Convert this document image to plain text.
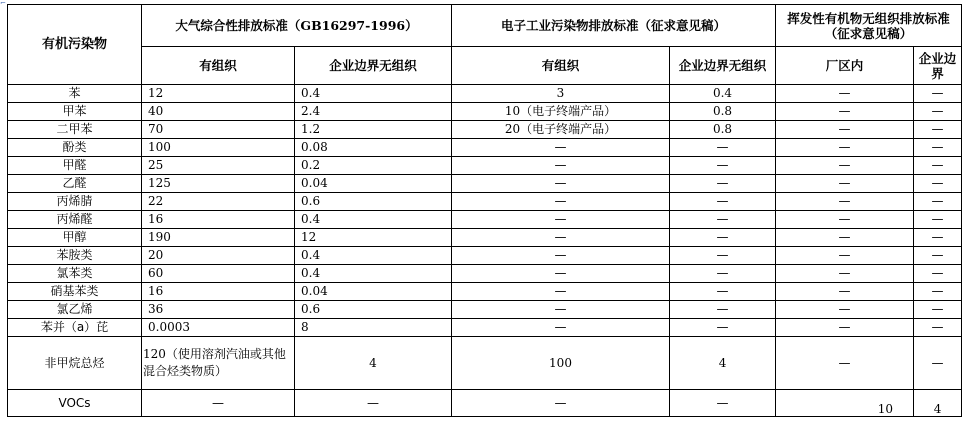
⌐
有机污染物	大气综合性排放标准（GB16297-1996）		电子工业污染物排放标准（征求意见稿）		挥发性有机物无组织排放标准（征求意见稿）	
	有组织	企业边界无组织	有组织	企业边界无组织	厂区内	企业边界
苯	12	0.4	3	0.4	—	—
甲苯	40	2.4	10（电子终端产品）	0.8	—	—
二甲苯	70	1.2	20（电子终端产品）	0.8	—	—
酚类	100	0.08	—	—	—	—
甲醛	25	0.2	—	—	—	—
乙醛	125	0.04	—	—	—	—
丙烯腈	22	0.6	—	—	—	—
丙烯醛	16	0.4	—	—	—	—
甲醇	190	12	—	—	—	—
苯胺类	20	0.4	—	—	—	—
氯苯类	60	0.4	—	—	—	—
硝基苯类	16	0.04	—	—	—	—
氯乙烯	36	0.6	—	—	—	—
苯并（a）芘	0.0003	8	—	—	—	—
非甲烷总烃	120（使用溶剂汽油或其他混合烃类物质）	4	100	4	—	—
VOCs	—	—	—	—	10	4
